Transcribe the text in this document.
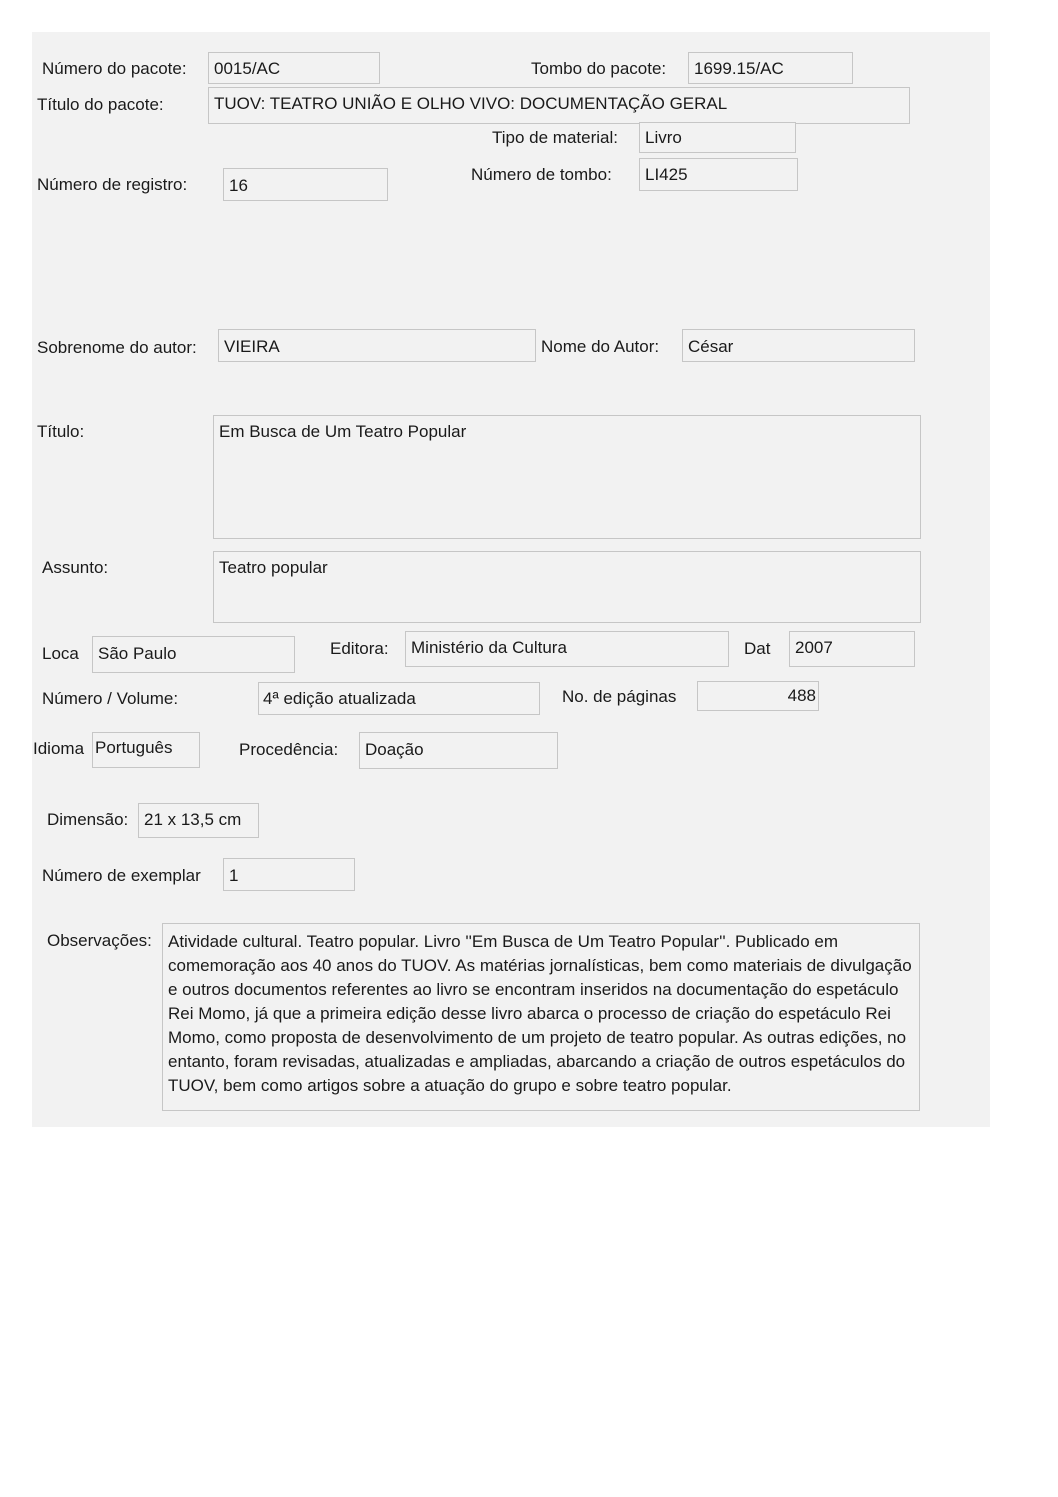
Número do pacote:	0015/AC	Tombo do pacote:	1699.15/AC
Título do pacote:	TUOV: TEATRO UNIÃO E OLHO VIVO: DOCUMENTAÇÃO GERAL
Tipo de material:	Livro
Número de registro:	16
Número de tombo:	LI425
Sobrenome do autor:	VIEIRA	Nome do Autor:	César
Título:	Em Busca de Um Teatro Popular
Assunto:	Teatro popular
Loca	São Paulo	Editora:	Ministério da Cultura	Dat	2007
Número / Volume:	4ª edição atualizada	No. de páginas	488
Idioma Português	Procedência:	Doação
Dimensão: 21 x 13,5 cm
Número de exemplar	1
Observações: Atividade cultural. Teatro popular. Livro ''Em Busca de Um Teatro Popular''. Publicado em comemoração aos 40 anos do TUOV. As matérias jornalísticas, bem como materiais de divulgação e outros documentos referentes ao livro se encontram inseridos na documentação do espetáculo Rei Momo, já que a primeira edição desse livro abarca o processo de criação do espetáculo Rei Momo, como proposta de desenvolvimento de um projeto de teatro popular. As outras edições, no entanto, foram revisadas, atualizadas e ampliadas, abarcando a criação de outros espetáculos do TUOV, bem como artigos sobre a atuação do grupo e sobre teatro popular.
